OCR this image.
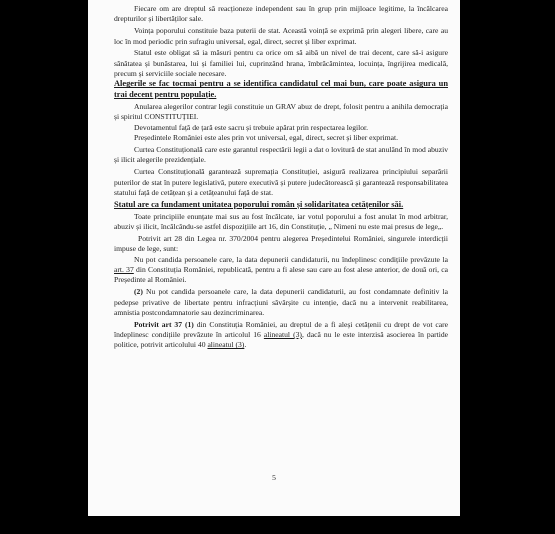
Fiecare om are dreptul să reacționeze independent sau în grup prin mijloace legitime, la încălcarea drepturilor și libertăților sale.

Voința poporului constituie baza puterii de stat. Această voință se exprimă prin alegeri libere, care au loc în mod periodic prin sufragiu universal, egal, direct, secret și liber exprimat.

Statul este obligat să ia măsuri pentru ca orice om să aibă un nivel de trai decent, care să-i asigure sănătatea și bunăstarea, lui și familiei lui, cuprinzând hrana, îmbrăcămintea, locuința, îngrijirea medicală, precum și serviciile sociale necesare.

Alegerile se fac tocmai pentru a se identifica candidatul cel mai bun, care poate asigura un trai decent pentru populație.

Anularea alegerilor contrar legii constituie un GRAV abuz de drept, folosit pentru a anihila democrația și spiritul CONSTITUȚIEI.

Devotamentul față de țară este sacru și trebuie apărat prin respectarea legilor.

Președintele României este ales prin vot universal, egal, direct, secret și liber exprimat.

Curtea Constituțională care este garantul respectării legii a dat o lovitură de stat anulând în mod abuziv și ilicit alegerile prezidențiale.

Curtea Constituțională garantează supremația Constituției, asigură realizarea principiului separării puterilor de stat în putere legislativă, putere executivă și putere judecătorească și garantează responsabilitatea statului față de cetățean și a cetățeanului față de stat.

Statul are ca fundament unitatea poporului român și solidaritatea cetățenilor săi.

Toate principiile enunțate mai sus au fost încălcate, iar votul poporului a fost anulat în mod arbitrar, abuziv și ilicit, încălcându-se astfel dispozițiile art 16, din Constituție, „ Nimeni nu este mai presus de lege„.

Potrivit art 28 din Legea nr. 370/2004 pentru alegerea Președintelui României, singurele interdicții impuse de lege, sunt:

Nu pot candida persoanele care, la data depunerii candidaturii, nu îndeplinesc condițiile prevăzute la art. 37 din Constituția României, republicată, pentru a fi alese sau care au fost alese anterior, de două ori, ca Președinte al României.

(2) Nu pot candida persoanele care, la data depunerii candidaturii, au fost condamnate definitiv la pedepse privative de libertate pentru infracțiuni săvârșite cu intenție, dacă nu a intervenit reabilitarea, amnistia postcondamnatorie sau dezincriminarea.

Potrivit art 37 (1) din Constituția României, au dreptul de a fi aleși cetățenii cu drept de vot care îndeplinesc condițiile prevăzute în articolul 16 alineatul (3), dacă nu le este interzisă asocierea în partide politice, potrivit articolului 40 alineatul (3).

5
